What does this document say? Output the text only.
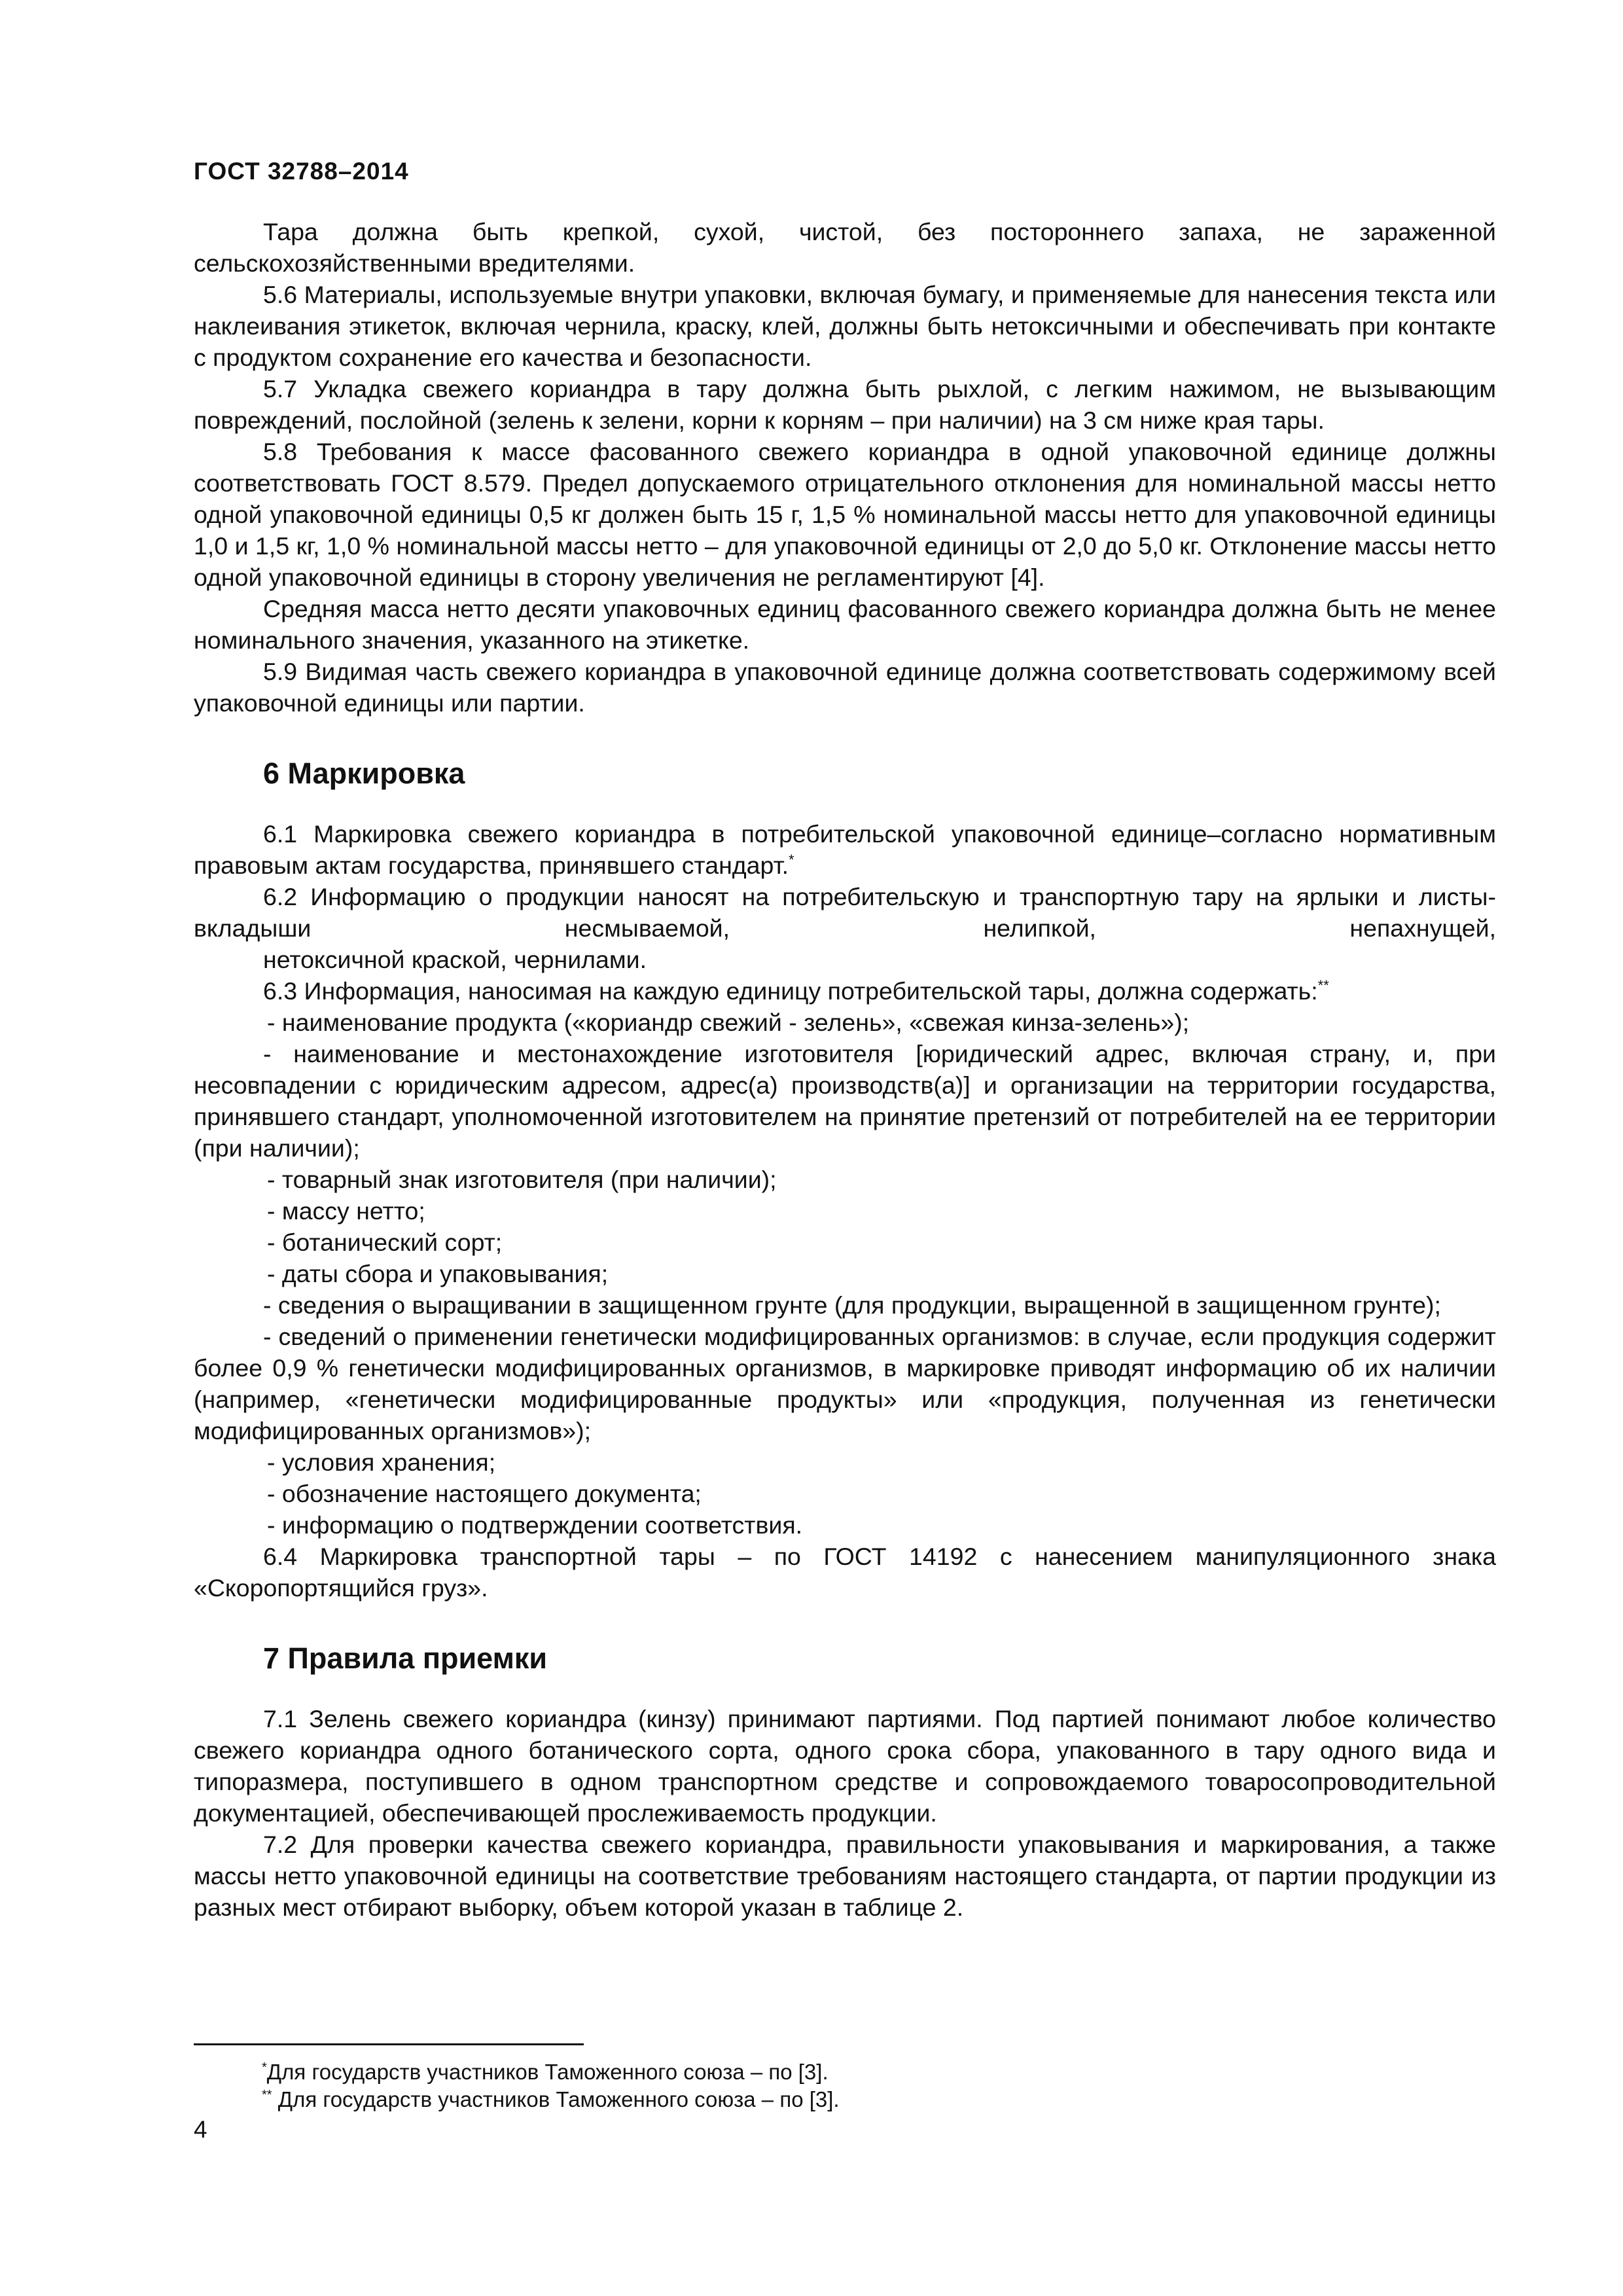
ГОСТ 32788–2014

Тара должна быть крепкой, сухой, чистой, без постороннего запаха, не зараженной сельскохозяйственными вредителями.

5.6 Материалы, используемые внутри упаковки, включая бумагу, и применяемые для нанесения текста или наклеивания этикеток, включая чернила, краску, клей, должны быть нетоксичными и обеспечивать при контакте с продуктом сохранение его качества и безопасности.

5.7 Укладка свежего кориандра в тару должна быть рыхлой, с легким нажимом, не вызывающим повреждений, послойной (зелень к зелени, корни к корням – при наличии) на 3 см ниже края тары.

5.8 Требования к массе фасованного свежего кориандра в одной упаковочной единице должны соответствовать ГОСТ 8.579. Предел допускаемого отрицательного отклонения для номинальной массы нетто одной упаковочной единицы 0,5 кг должен быть 15 г, 1,5 % номинальной массы нетто для упаковочной единицы 1,0 и 1,5 кг, 1,0 % номинальной массы нетто – для упаковочной единицы от 2,0 до 5,0 кг. Отклонение массы нетто одной упаковочной единицы в сторону увеличения не регламентируют [4].

Средняя масса нетто десяти упаковочных единиц фасованного свежего кориандра должна быть не менее номинального значения, указанного на этикетке.

5.9 Видимая часть свежего кориандра в упаковочной единице должна соответствовать содержимому всей упаковочной единицы или партии.

6 Маркировка

6.1 Маркировка свежего кориандра в потребительской упаковочной единице–согласно нормативным правовым актам государства, принявшего стандарт.*

6.2 Информацию о продукции наносят на потребительскую и транспортную тару на ярлыки и листы-вкладыши несмываемой, нелипкой, непахнущей,

нетоксичной краской, чернилами.

6.3 Информация, наносимая на каждую единицу потребительской тары, должна содержать:**

- наименование продукта («кориандр свежий - зелень», «свежая кинза-зелень»);

- наименование и местонахождение изготовителя [юридический адрес, включая страну, и, при несовпадении с юридическим адресом, адрес(а) производств(а)] и организации на территории государства, принявшего стандарт, уполномоченной изготовителем на принятие претензий от потребителей на ее территории (при наличии);

- товарный знак изготовителя (при наличии);

- массу нетто;

- ботанический сорт;

- даты сбора и упаковывания;

- сведения о выращивании в защищенном грунте (для продукции, выращенной в защищенном грунте);

- сведений о применении генетически модифицированных организмов: в случае, если продукция содержит более 0,9 % генетически модифицированных организмов, в маркировке приводят информацию об их наличии (например, «генетически модифицированные продукты» или «продукция, полученная из генетически модифицированных организмов»);

- условия хранения;

- обозначение настоящего документа;

- информацию о подтверждении соответствия.

6.4 Маркировка транспортной тары – по ГОСТ 14192 с нанесением манипуляционного знака «Скоропортящийся груз».

7 Правила приемки

7.1 Зелень свежего кориандра (кинзу) принимают партиями. Под партией понимают любое количество свежего кориандра одного ботанического сорта, одного срока сбора, упакованного в тару одного вида и типоразмера, поступившего в одном транспортном средстве и сопровождаемого товаросопроводительной документацией, обеспечивающей прослеживаемость продукции.

7.2 Для проверки качества свежего кориандра, правильности упаковывания и маркирования, а также массы нетто упаковочной единицы на соответствие требованиям настоящего стандарта, от партии продукции из разных мест отбирают выборку, объем которой указан в таблице 2.

*Для государств участников Таможенного союза – по [3].
** Для государств участников Таможенного союза – по [3].
4
